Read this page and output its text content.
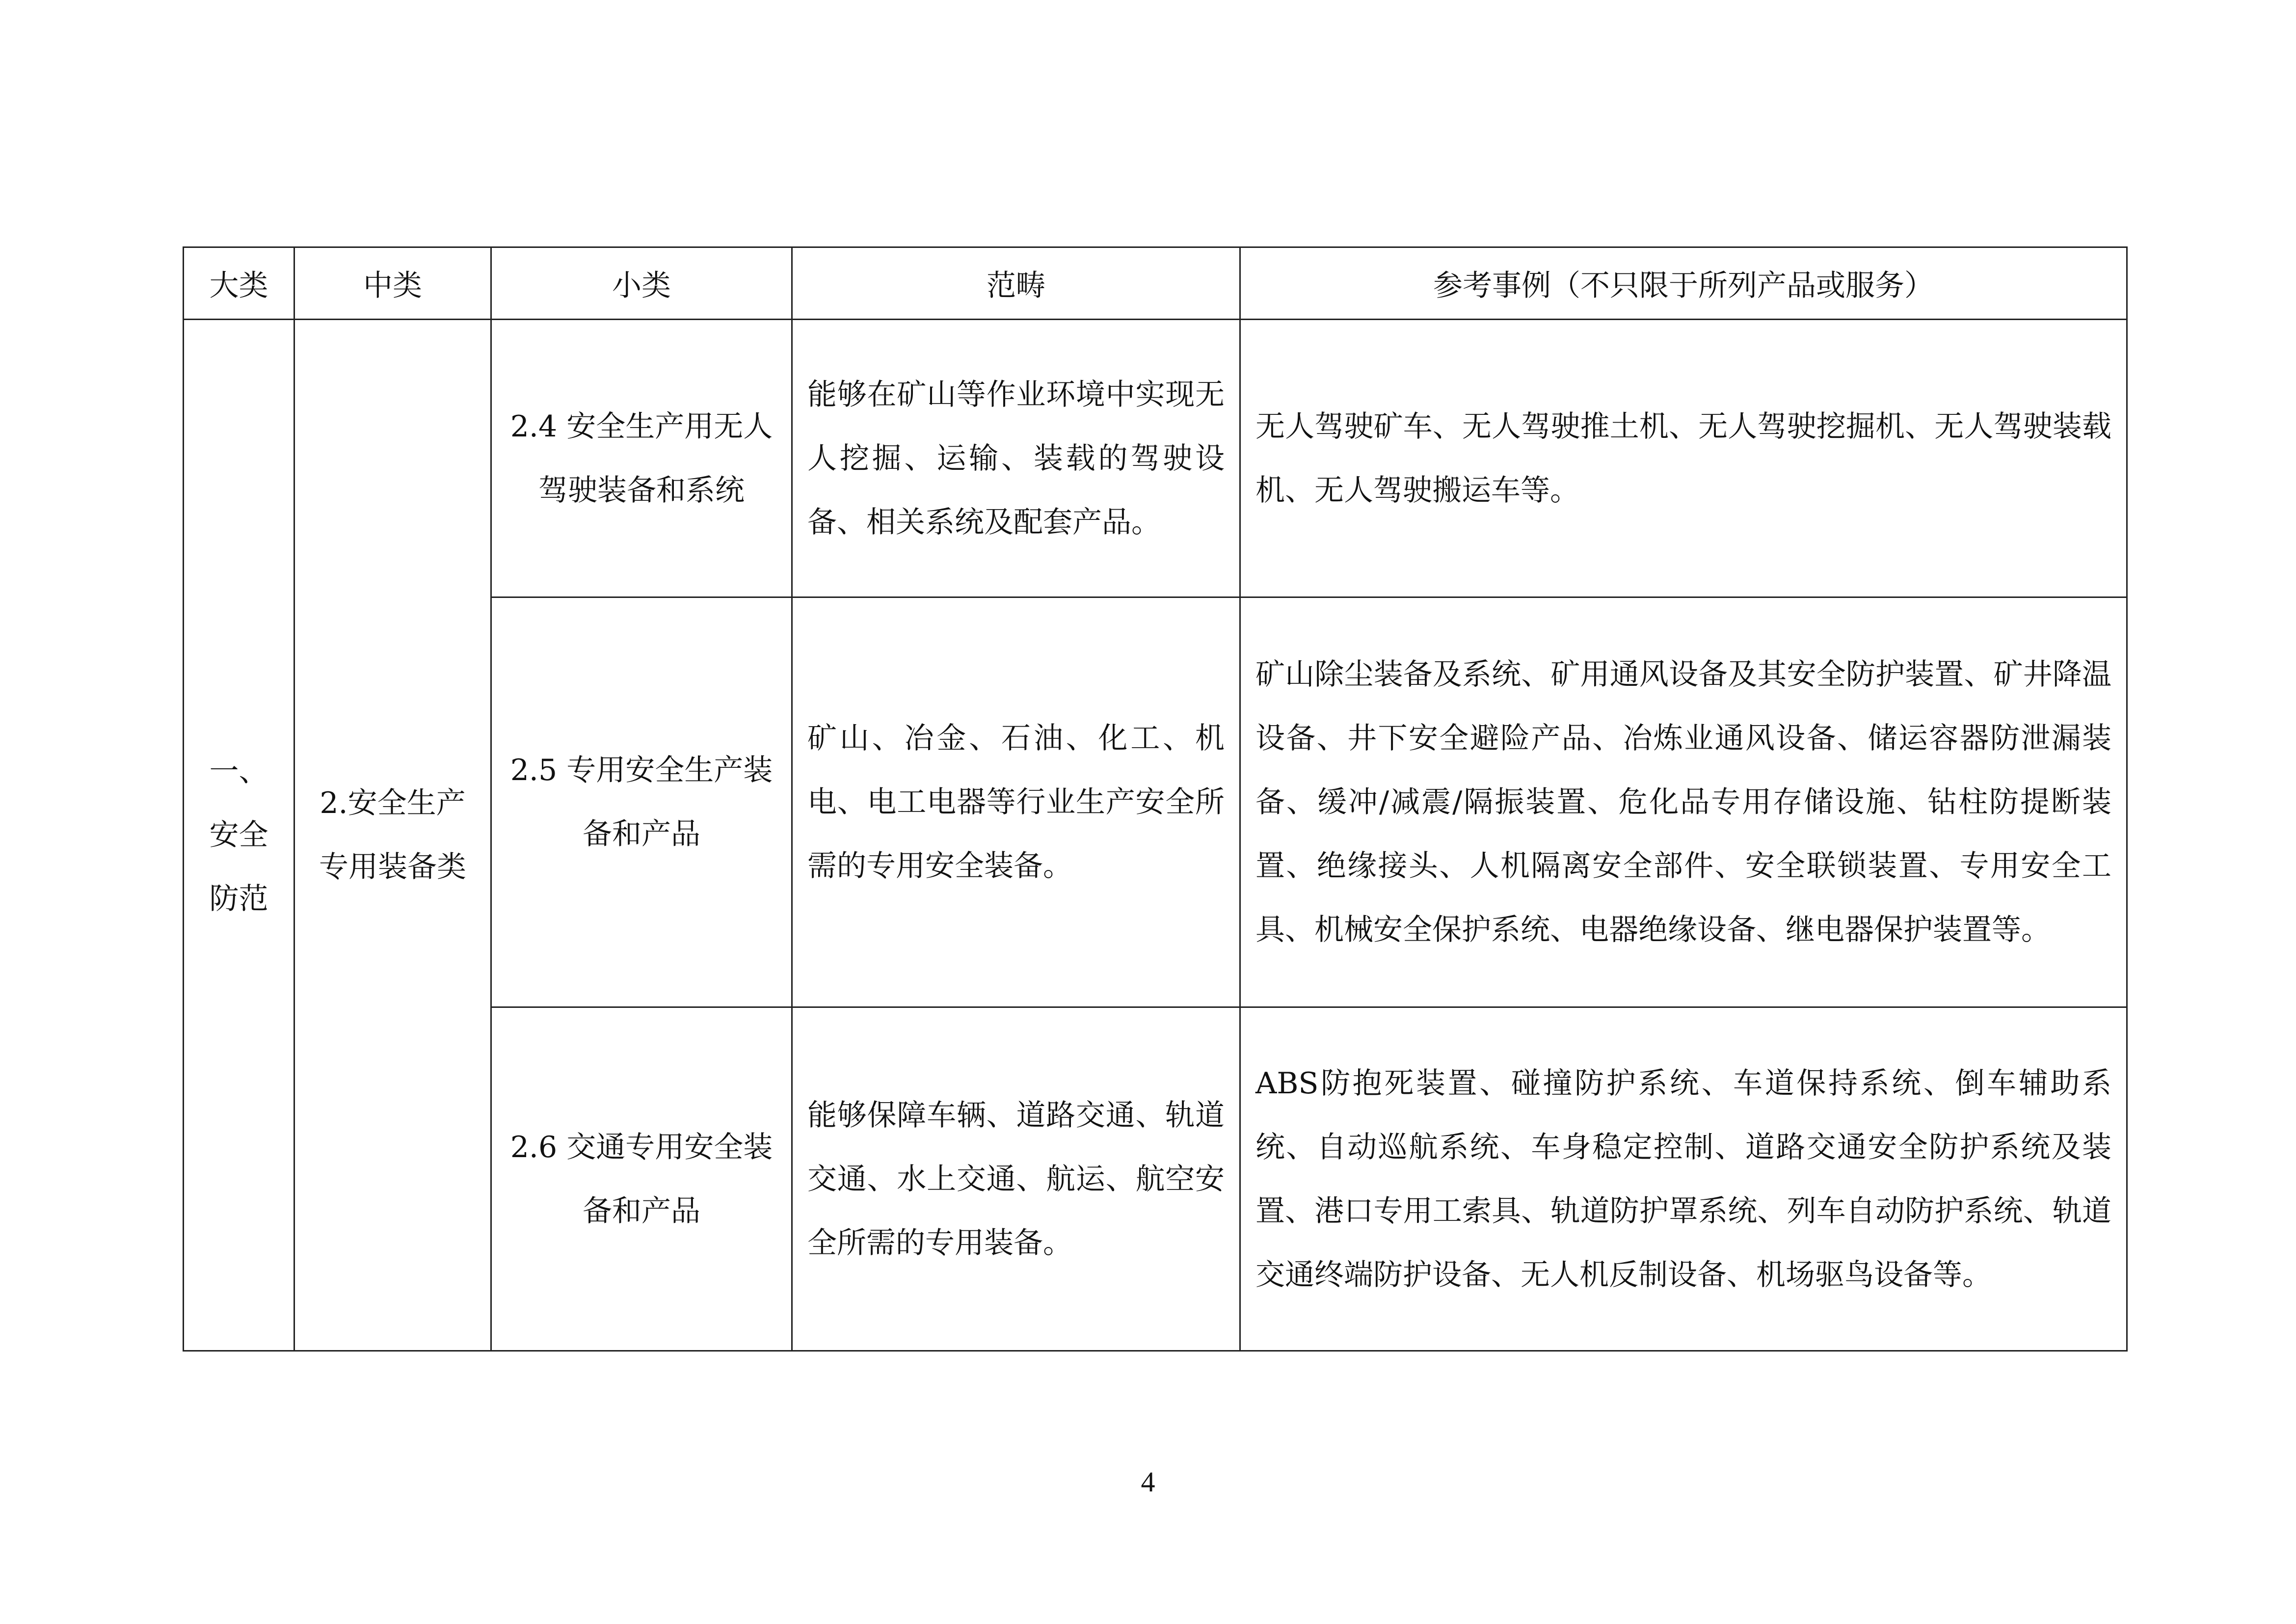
大类	中类	小类	范畴	参考事例（不只限于所列产品或服务）

一、安全防范	2.安全生产专用装备类	2.4 安全生产用无人驾驶装备和系统	能够在矿山等作业环境中实现无人挖掘、运输、装载的驾驶设备、相关系统及配套产品。	无人驾驶矿车、无人驾驶推土机、无人驾驶挖掘机、无人驾驶装载机、无人驾驶搬运车等。

		2.5 专用安全生产装备和产品	矿山、冶金、石油、化工、机电、电工电器等行业生产安全所需的专用安全装备。	矿山除尘装备及系统、矿用通风设备及其安全防护装置、矿井降温设备、井下安全避险产品、冶炼业通风设备、储运容器防泄漏装备、缓冲/减震/隔振装置、危化品专用存储设施、钻柱防提断装置、绝缘接头、人机隔离安全部件、安全联锁装置、专用安全工具、机械安全保护系统、电器绝缘设备、继电器保护装置等。

		2.6 交通专用安全装备和产品	能够保障车辆、道路交通、轨道交通、水上交通、航运、航空安全所需的专用装备。	ABS防抱死装置、碰撞防护系统、车道保持系统、倒车辅助系统、自动巡航系统、车身稳定控制、道路交通安全防护系统及装置、港口专用工索具、轨道防护罩系统、列车自动防护系统、轨道交通终端防护设备、无人机反制设备、机场驱鸟设备等。
4
